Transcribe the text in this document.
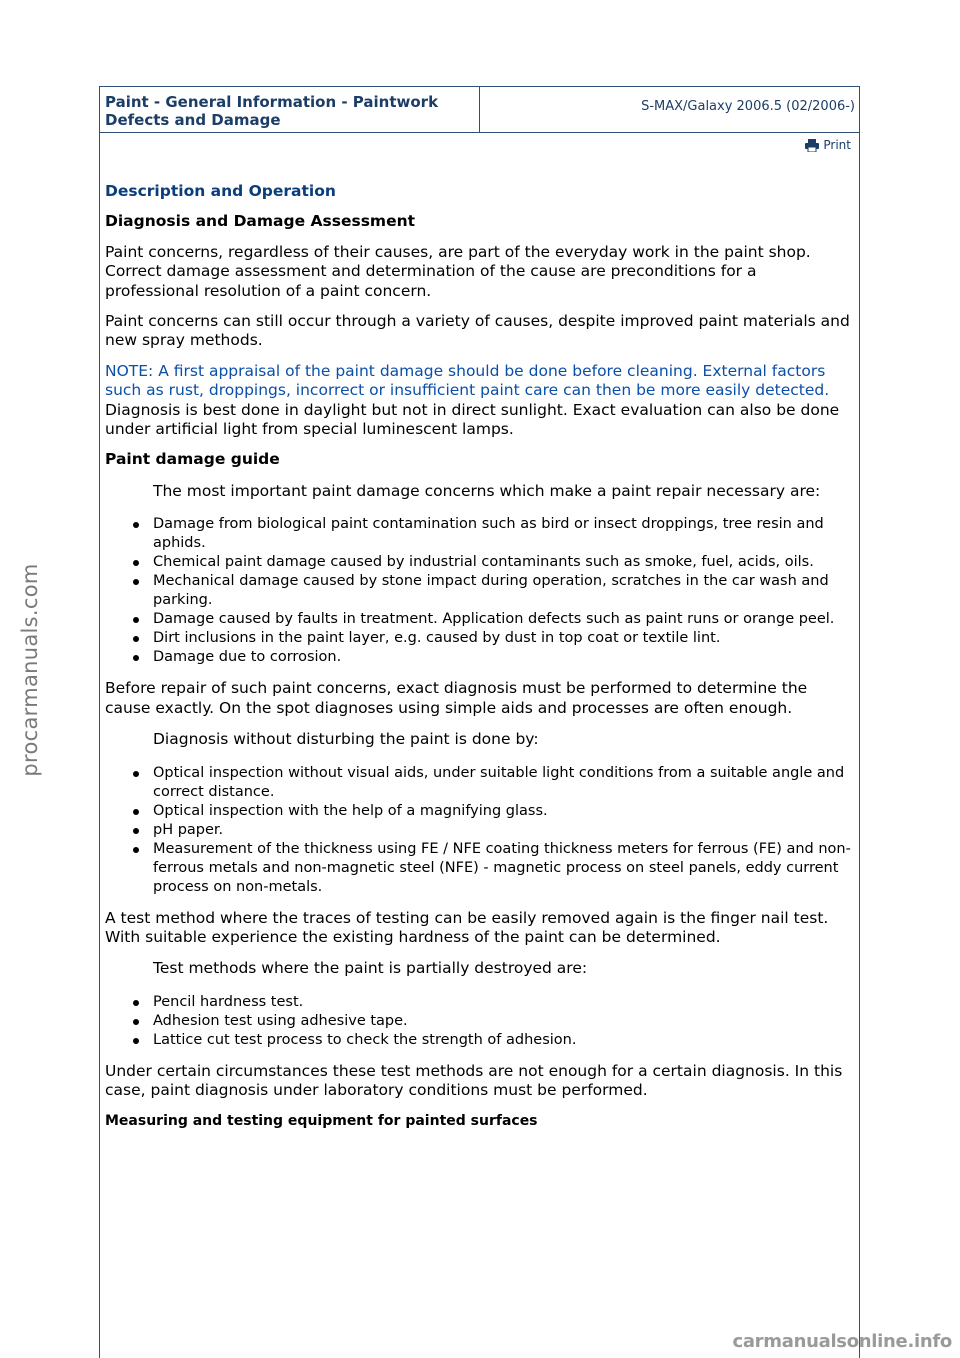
Paint - General Information - Paintwork Defects and Damage
S-MAX/Galaxy 2006.5 (02/2006-)
Print

Description and Operation

Diagnosis and Damage Assessment

Paint concerns, regardless of their causes, are part of the everyday work in the paint shop. Correct damage assessment and determination of the cause are preconditions for a professional resolution of a paint concern.

Paint concerns can still occur through a variety of causes, despite improved paint materials and new spray methods.

NOTE: A first appraisal of the paint damage should be done before cleaning. External factors such as rust, droppings, incorrect or insufficient paint care can then be more easily detected.

Diagnosis is best done in daylight but not in direct sunlight. Exact evaluation can also be done under artificial light from special luminescent lamps.

Paint damage guide

The most important paint damage concerns which make a paint repair necessary are:

Damage from biological paint contamination such as bird or insect droppings, tree resin and aphids.
Chemical paint damage caused by industrial contaminants such as smoke, fuel, acids, oils.
Mechanical damage caused by stone impact during operation, scratches in the car wash and parking.
Damage caused by faults in treatment. Application defects such as paint runs or orange peel.
Dirt inclusions in the paint layer, e.g. caused by dust in top coat or textile lint.
Damage due to corrosion.

Before repair of such paint concerns, exact diagnosis must be performed to determine the cause exactly. On the spot diagnoses using simple aids and processes are often enough.

Diagnosis without disturbing the paint is done by:

Optical inspection without visual aids, under suitable light conditions from a suitable angle and correct distance.
Optical inspection with the help of a magnifying glass.
pH paper.
Measurement of the thickness using FE / NFE coating thickness meters for ferrous (FE) and non-ferrous metals and non-magnetic steel (NFE) - magnetic process on steel panels, eddy current process on non-metals.

A test method where the traces of testing can be easily removed again is the finger nail test. With suitable experience the existing hardness of the paint can be determined.

Test methods where the paint is partially destroyed are:

Pencil hardness test.
Adhesion test using adhesive tape.
Lattice cut test process to check the strength of adhesion.

Under certain circumstances these test methods are not enough for a certain diagnosis. In this case, paint diagnosis under laboratory conditions must be performed.

Measuring and testing equipment for painted surfaces

procarmanuals.com
carmanualsonline.info
